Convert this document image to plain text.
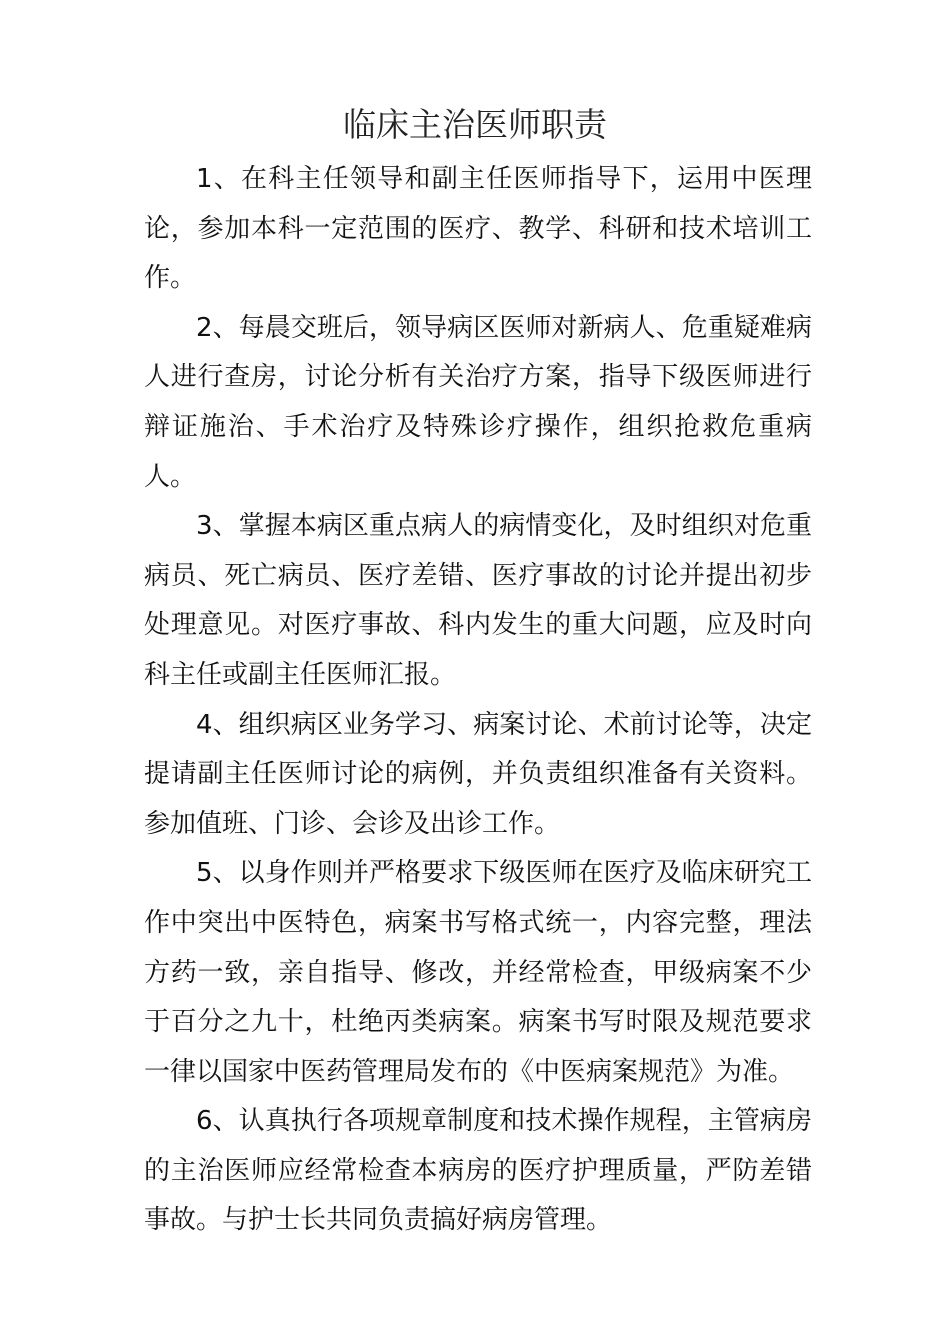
临床主治医师职责

1、在科主任领导和副主任医师指导下，运用中医理论，参加本科一定范围的医疗、教学、科研和技术培训工作。

2、每晨交班后，领导病区医师对新病人、危重疑难病人进行查房，讨论分析有关治疗方案，指导下级医师进行辩证施治、手术治疗及特殊诊疗操作，组织抢救危重病人。

3、掌握本病区重点病人的病情变化，及时组织对危重病员、死亡病员、医疗差错、医疗事故的讨论并提出初步处理意见。对医疗事故、科内发生的重大问题，应及时向科主任或副主任医师汇报。

4、组织病区业务学习、病案讨论、术前讨论等，决定提请副主任医师讨论的病例，并负责组织准备有关资料。参加值班、门诊、会诊及出诊工作。

5、以身作则并严格要求下级医师在医疗及临床研究工作中突出中医特色，病案书写格式统一，内容完整，理法方药一致，亲自指导、修改，并经常检查，甲级病案不少于百分之九十，杜绝丙类病案。病案书写时限及规范要求一律以国家中医药管理局发布的《中医病案规范》为准。

6、认真执行各项规章制度和技术操作规程，主管病房的主治医师应经常检查本病房的医疗护理质量，严防差错事故。与护士长共同负责搞好病房管理。
